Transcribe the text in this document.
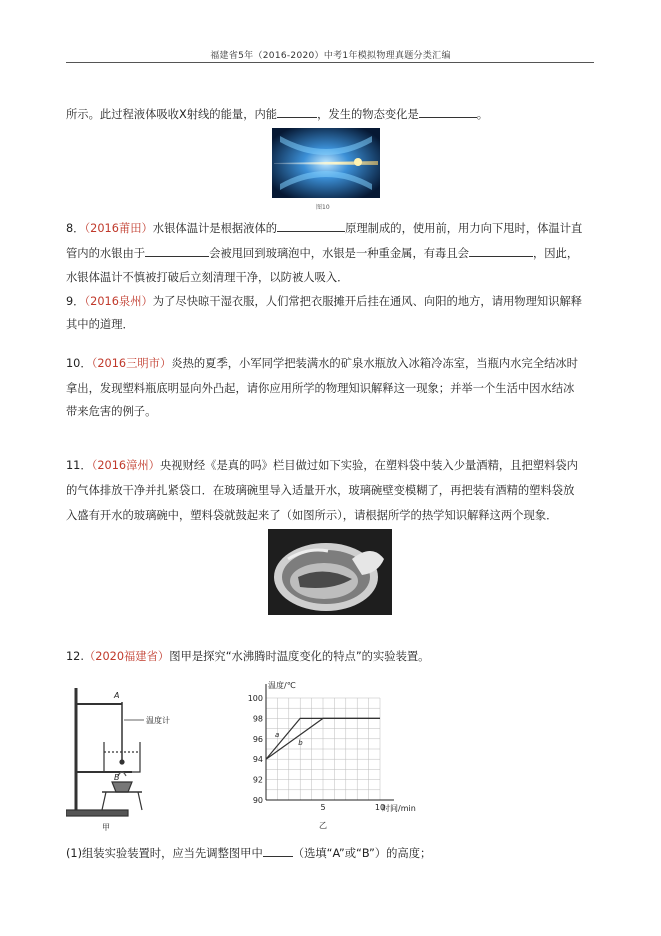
福建省5年（2016-2020）中考1年模拟物理真题分类汇编
所示。此过程液体吸收X射线的能量，内能	，发生的物态变化是	。
图10
8．（2016莆田）水银体温计是根据液体的	原理制成的，使用前，用力向下甩时，体温计直
管内的水银由于	会被甩回到玻璃泡中，水银是一种重金属，有毒且会	，因此，
水银体温计不慎被打破后立刻清理干净，以防被人吸入．
9．（2016泉州）为了尽快晾干湿衣服，人们常把衣服摊开后挂在通风、向阳的地方，请用物理知识解释
其中的道理．
10．（2016三明市）炎热的夏季，小军同学把装满水的矿泉水瓶放入冰箱冷冻室，当瓶内水完全结冰时
拿出，发现塑料瓶底明显向外凸起，请你应用所学的物理知识解释这一现象；并举一个生活中因水结冰
带来危害的例子。
11．（2016漳州）央视财经《是真的吗》栏目做过如下实验，在塑料袋中装入少量酒精，且把塑料袋内
的气体排放干净并扎紧袋口．在玻璃碗里导入适量开水，玻璃碗壁变模糊了，再把装有酒精的塑料袋放
入盛有开水的玻璃碗中，塑料袋就鼓起来了（如图所示），请根据所学的热学知识解释这两个现象．
12.（2020福建省）图甲是探究“水沸腾时温度变化的特点”的实验装置。
A
温度计
B
甲
90
92
94
96
98
100
5	10
温度/℃
时间/min
乙
a
b
(1)组装实验装置时，应当先调整图甲中	（选填“A”或“B”）的高度；
